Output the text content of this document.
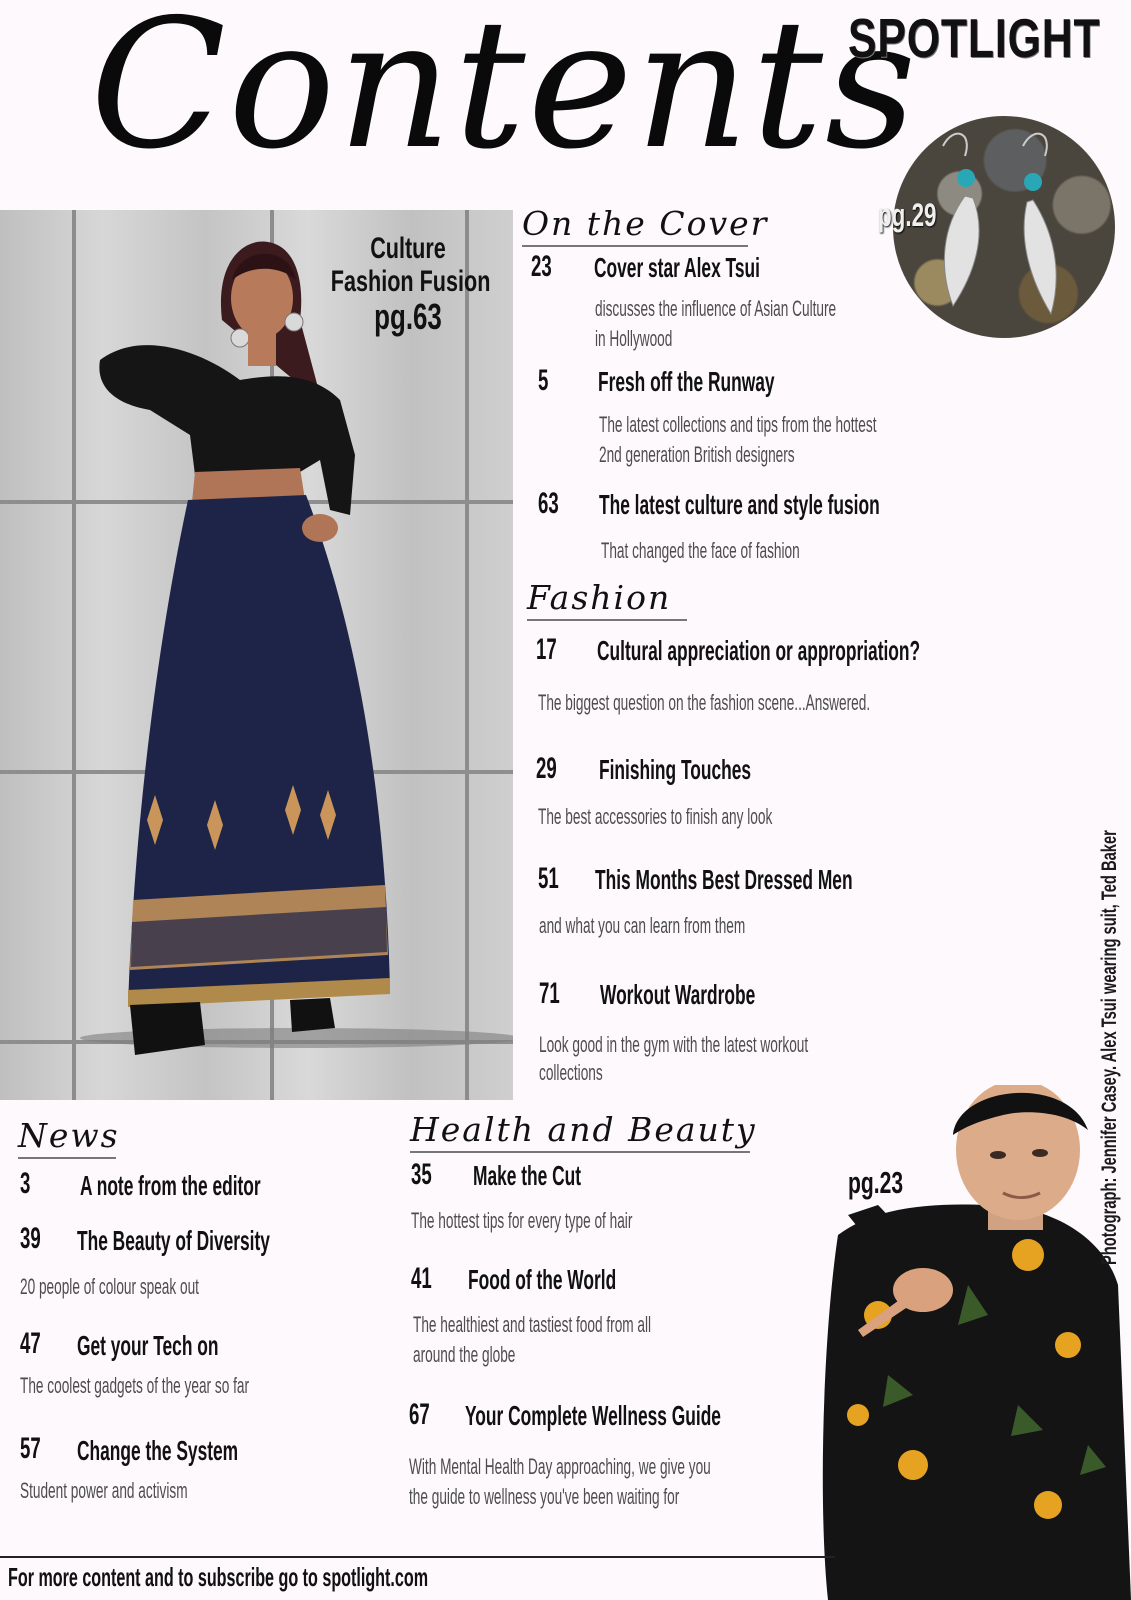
Contents
SPOTLIGHT
Culture
Fashion Fusion
pg.63
pg.29
On the Cover
23 Cover star Alex Tsui
discusses the influence of Asian Culture
in Hollywood
5 Fresh off the Runway
The latest collections and tips from the hottest
2nd generation British designers
63 The latest culture and style fusion
That changed the face of fashion
Fashion
17 Cultural appreciation or appropriation?
The biggest question on the fashion scene...Answered.
29 Finishing Touches
The best accessories to finish any look
51 This Months Best Dressed Men
and what you can learn from them
71 Workout Wardrobe
Look good in the gym with the latest workout
collections
News
3 A note from the editor
39 The Beauty of Diversity
20 people of colour speak out
47 Get your Tech on
The coolest gadgets of the year so far
57 Change the System
Student power and activism
Health and Beauty
35 Make the Cut
The hottest tips for every type of hair
41 Food of the World
The healthiest and tastiest food from all
around the globe
67 Your Complete Wellness Guide
With Mental Health Day approaching, we give you
the guide to wellness you've been waiting for
pg.23	Photograph: Jennifer Casey. Alex Tsui wearing suit, Ted Baker
For more content and to subscribe go to spotlight.com
